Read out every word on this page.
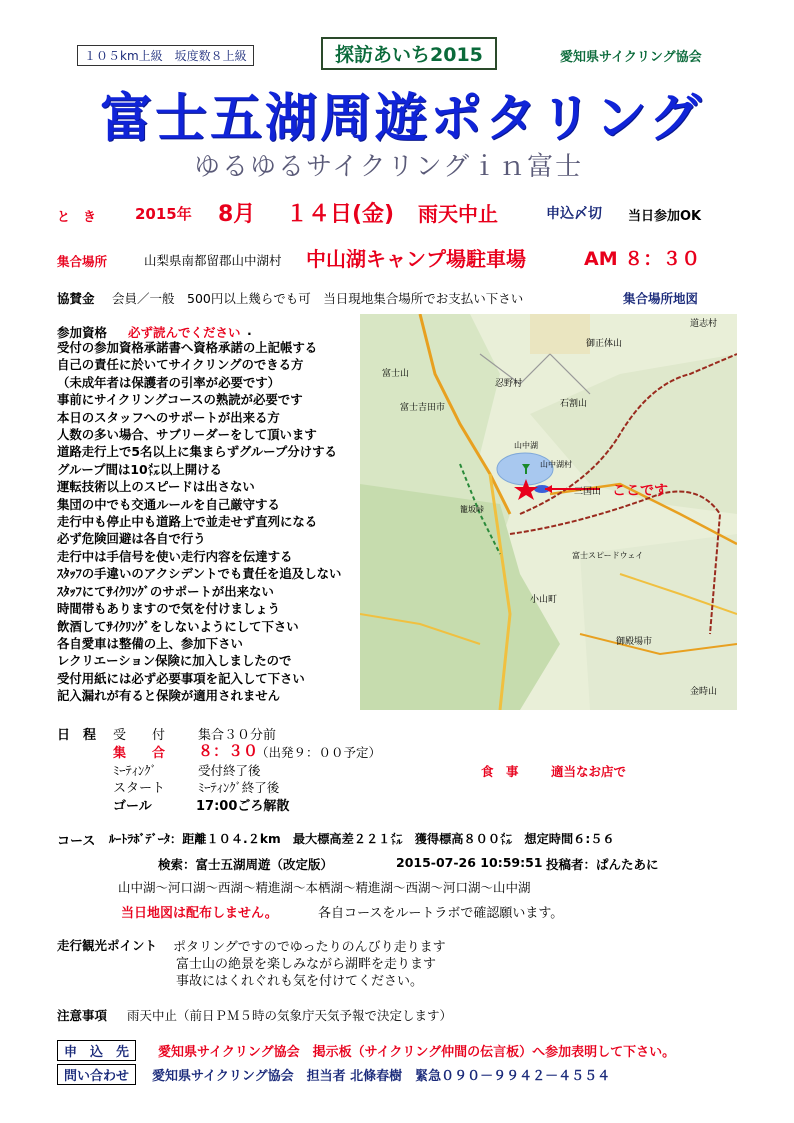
１０５km上級　坂度数８上級	探訪あいち2015	愛知県サイクリング協会
富士五湖周遊ポタリング
ゆるゆるサイクリングｉｎ富士
と　き	2015年 8月 １４日(金) 雨天中止	申込〆切 当日参加OK
集合場所	山梨県南都留郡山中湖村 中山湖キャンプ場駐車場	AM ８：３０
協賛金 会員／一般　500円以上幾らでも可　当日現地集合場所でお支払い下さい	集合場所地図
参加資格 必ず読んでください .
受付の参加資格承諾書へ資格承諾の上記帳する
自己の責任に於いてサイクリングのできる方
（未成年者は保護者の引率が必要です）
事前にサイクリングコースの熟読が必要です
本日のスタッフへのサポートが出来る方
人数の多い場合、サブリーダーをして頂います
道路走行上で5名以上に集まらずグループ分けする
グループ間は10㍍以上開ける
運転技術以上のスピードは出さない
集団の中でも交通ルールを自己厳守する
走行中も停止中も道路上で並走せず直列になる
必ず危険回避は各自で行う
走行中は手信号を使い走行内容を伝達する
ｽﾀｯﾌの手違いのアクシデントでも責任を追及しない
ｽﾀｯﾌにてｻｲｸﾘﾝｸﾞのサポートが出来ない
時間帯もありますので気を付けましょう
飲酒してｻｲｸﾘﾝｸﾞをしないようにして下さい
各自愛車は整備の上、参加下さい
レクリエーション保険に加入しましたので
受付用紙には必ず必要事項を記入して下さい
記入漏れが有ると保険が適用されません
富士吉田市
忍野村
石割山
山中湖村
三国山
小山町
富士スピードウェイ
御殿場市
金時山
御正体山
道志村
富士山
山中湖
籠坂峠
ここです
日　程 受　　付	集合３０分前
集　　合 ８：３０
（出発９：００予定）
ﾐｰﾃｨﾝｸﾞ	受付終了後
スタート	ﾐｰﾃｨﾝｸﾞ終了後
ゴール	17:00ごろ解散
食　事	適当なお店で
コース ﾙｰﾄﾗﾎﾞﾃﾞｰﾀ：距離１０４.２km　最大標高差２２１㍍　獲得標高８００㍍　想定時間６:５６
検索：富士五湖周遊（改定版）	2015-07-26 10:59:51 投稿者：ぱんたあに
山中湖～河口湖～西湖～精進湖～本栖湖～精進湖～西湖～河口湖～山中湖
当日地図は配布しません。	各自コースをルートラボで確認願います。
走行観光ポイント ポタリングですのでゆったりのんびり走ります
富士山の絶景を楽しみながら湖畔を走ります
事故にはくれぐれも気を付けてください。
注意事項 雨天中止（前日ＰＭ５時の気象庁天気予報で決定します）
申　込　先	愛知県サイクリング協会　掲示板（サイクリング仲間の伝言板）へ参加表明して下さい。
問い合わせ	愛知県サイクリング協会　担当者 北條春樹　緊急０９０－９９４２－４５５４
